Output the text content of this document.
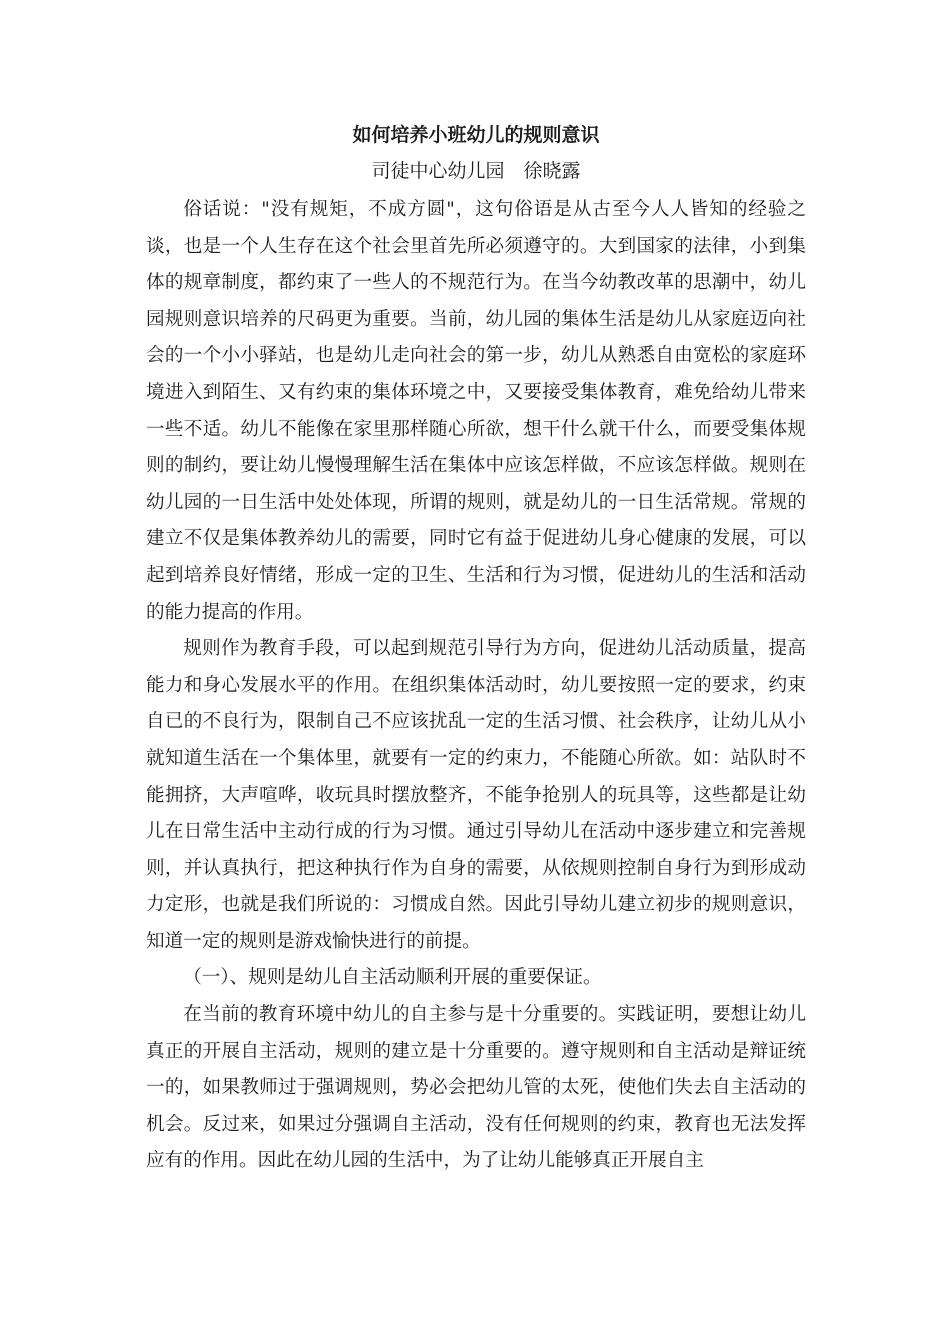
如何培养小班幼儿的规则意识
司徒中心幼儿园　徐晓露

俗话说："没有规矩，不成方圆"，这句俗语是从古至今人人皆知的经验之谈，也是一个人生存在这个社会里首先所必须遵守的。大到国家的法律，小到集体的规章制度，都约束了一些人的不规范行为。在当今幼教改革的思潮中，幼儿园规则意识培养的尺码更为重要。当前，幼儿园的集体生活是幼儿从家庭迈向社会的一个小小驿站，也是幼儿走向社会的第一步，幼儿从熟悉自由宽松的家庭环境进入到陌生、又有约束的集体环境之中，又要接受集体教育，难免给幼儿带来一些不适。幼儿不能像在家里那样随心所欲，想干什么就干什么，而要受集体规则的制约，要让幼儿慢慢理解生活在集体中应该怎样做，不应该怎样做。规则在幼儿园的一日生活中处处体现，所谓的规则，就是幼儿的一日生活常规。常规的建立不仅是集体教养幼儿的需要，同时它有益于促进幼儿身心健康的发展，可以起到培养良好情绪，形成一定的卫生、生活和行为习惯，促进幼儿的生活和活动的能力提高的作用。

规则作为教育手段，可以起到规范引导行为方向，促进幼儿活动质量，提高能力和身心发展水平的作用。在组织集体活动时，幼儿要按照一定的要求，约束自已的不良行为，限制自己不应该扰乱一定的生活习惯、社会秩序，让幼儿从小就知道生活在一个集体里，就要有一定的约束力，不能随心所欲。如：站队时不能拥挤，大声喧哗，收玩具时摆放整齐，不能争抢别人的玩具等，这些都是让幼儿在日常生活中主动行成的行为习惯。通过引导幼儿在活动中逐步建立和完善规则，并认真执行，把这种执行作为自身的需要，从依规则控制自身行为到形成动力定形，也就是我们所说的：习惯成自然。因此引导幼儿建立初步的规则意识，知道一定的规则是游戏愉快进行的前提。

（一）、规则是幼儿自主活动顺利开展的重要保证。

在当前的教育环境中幼儿的自主参与是十分重要的。实践证明，要想让幼儿真正的开展自主活动，规则的建立是十分重要的。遵守规则和自主活动是辩证统一的，如果教师过于强调规则，势必会把幼儿管的太死，使他们失去自主活动的机会。反过来，如果过分强调自主活动，没有任何规则的约束，教育也无法发挥应有的作用。因此在幼儿园的生活中，为了让幼儿能够真正开展自主
